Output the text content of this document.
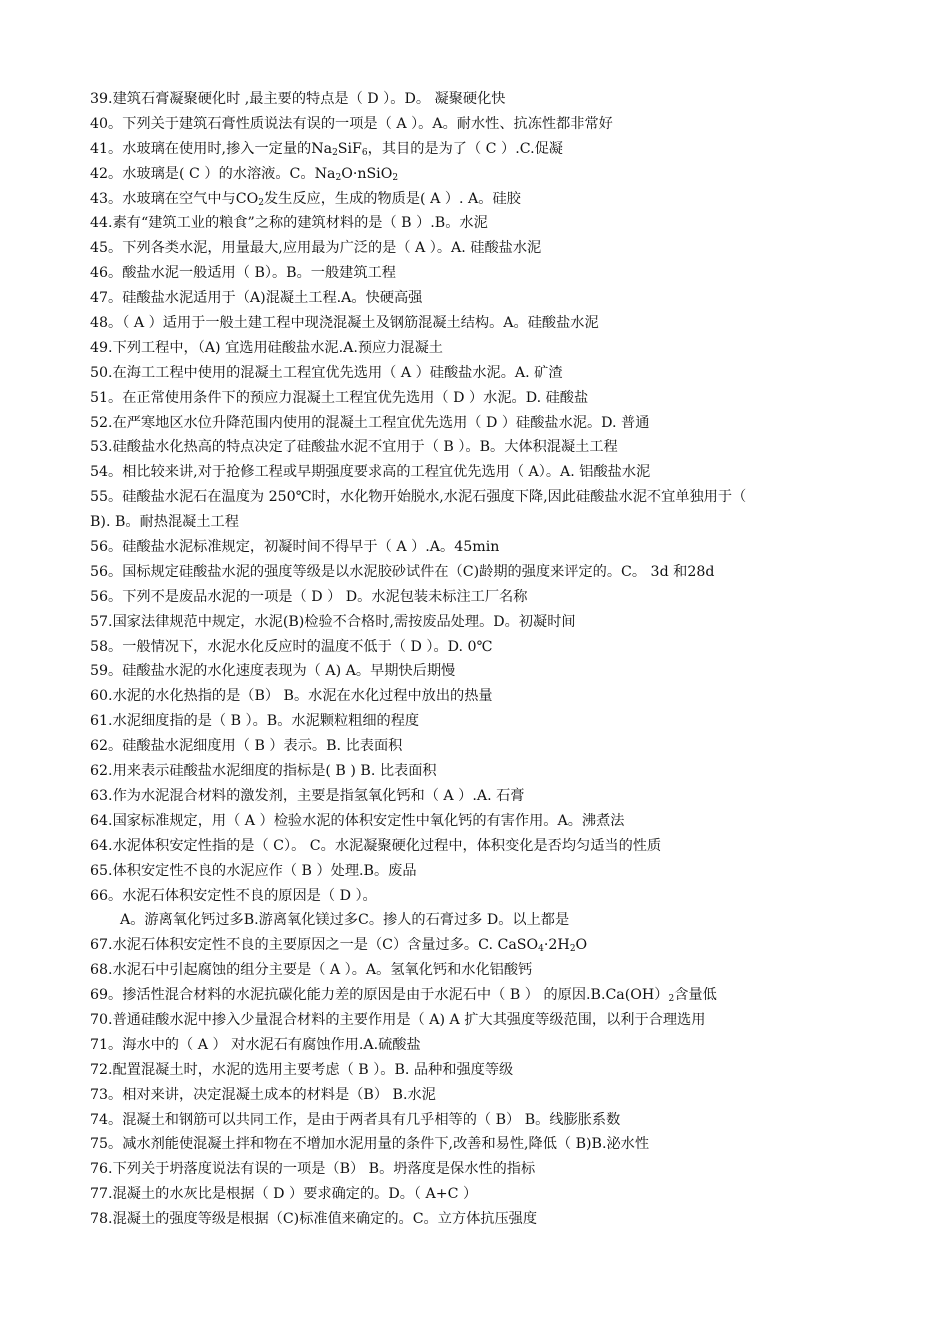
39.建筑石膏凝聚硬化时 ,最主要的特点是（ D ）。D。 凝聚硬化快
40。下列关于建筑石膏性质说法有误的一项是（ A ）。A。耐水性、抗冻性都非常好
41。水玻璃在使用时,掺入一定量的$Na_2SiF_6$，其目的是为了（ C ）.C.促凝
42。水玻璃是( C ）的水溶液。C。$Na_2O\cdot nSiO_2$
43。水玻璃在空气中与$CO_2$发生反应，生成的物质是( A ）. A。硅胶
44.素有“建筑工业的粮食”之称的建筑材料的是（ B ）.B。水泥
45。下列各类水泥，用量最大,应用最为广泛的是（ A ）。A. 硅酸盐水泥
46。酸盐水泥一般适用（ B）。B。一般建筑工程
47。硅酸盐水泥适用于（A)混凝土工程.A。快硬高强
48。（ A ）适用于一般土建工程中现浇混凝土及钢筋混凝土结构。A。硅酸盐水泥
49.下列工程中，（A) 宜选用硅酸盐水泥.A.预应力混凝土
50.在海工工程中使用的混凝土工程宜优先选用（ A ）硅酸盐水泥。A. 矿渣
51。在正常使用条件下的预应力混凝土工程宜优先选用（ D ）水泥。D. 硅酸盐
52.在严寒地区水位升降范围内使用的混凝土工程宜优先选用（ D ）硅酸盐水泥。D. 普通
53.硅酸盐水化热高的特点决定了硅酸盐水泥不宜用于（ B ）。B。大体积混凝土工程
54。相比较来讲,对于抢修工程或早期强度要求高的工程宜优先选用（ A）。A. 铝酸盐水泥
55。硅酸盐水泥石在温度为 250℃时，水化物开始脱水,水泥石强度下降,因此硅酸盐水泥不宜单独用于（
B). B。耐热混凝土工程
56。硅酸盐水泥标准规定，初凝时间不得早于（ A ）.A。45min
56。国标规定硅酸盐水泥的强度等级是以水泥胶砂试件在（C)龄期的强度来评定的。C。 3d 和28d
56。下列不是废品水泥的一项是（ D ） D。水泥包装未标注工厂名称
57.国家法律规范中规定，水泥(B)检验不合格时,需按废品处理。D。初凝时间
58。一般情况下，水泥水化反应时的温度不低于（ D ）。D. 0℃
59。硅酸盐水泥的水化速度表现为（ A) A。早期快后期慢
60.水泥的水化热指的是（B） B。水泥在水化过程中放出的热量
61.水泥细度指的是（ B ）。B。水泥颗粒粗细的程度
62。硅酸盐水泥细度用（ B ）表示。B. 比表面积
62.用来表示硅酸盐水泥细度的指标是( B ) B. 比表面积
63.作为水泥混合材料的激发剂，主要是指氢氧化钙和（ A ）.A. 石膏
64.国家标准规定，用（ A ）检验水泥的体积安定性中氧化钙的有害作用。A。沸煮法
64.水泥体积安定性指的是（ C）。 C。水泥凝聚硬化过程中，体积变化是否均匀适当的性质
65.体积安定性不良的水泥应作（ B ）处理.B。废品
66。水泥石体积安定性不良的原因是（ D ）。
A。游离氧化钙过多B.游离氧化镁过多C。掺人的石膏过多 D。以上都是
67.水泥石体积安定性不良的主要原因之一是（C）含量过多。C. $CaSO_4\cdot 2H_2O$
68.水泥石中引起腐蚀的组分主要是（ A ）。A。氢氧化钙和水化铝酸钙
69。掺活性混合材料的水泥抗碳化能力差的原因是由于水泥石中（ B ） 的原因$.B.Ca(OH)_2$含量低
70.普通硅酸水泥中掺入少量混合材料的主要作用是（ A) A 扩大其强度等级范围，以利于合理选用
71。海水中的（ A ） 对水泥石有腐蚀作用.A.硫酸盐
72.配置混凝土时，水泥的选用主要考虑（ B ）。B. 品种和强度等级
73。相对来讲，决定混凝土成本的材料是（B） B.水泥
74。混凝土和钢筋可以共同工作，是由于两者具有几乎相等的（ B） B。线膨胀系数
75。减水剂能使混凝土拌和物在不增加水泥用量的条件下,改善和易性,降低（ B)B.泌水性
76.下列关于坍落度说法有误的一项是（B） B。坍落度是保水性的指标
77.混凝土的水灰比是根据（ D ）要求确定的。D。（ A+C ）
78.混凝土的强度等级是根据（C)标准值来确定的。C。立方体抗压强度
